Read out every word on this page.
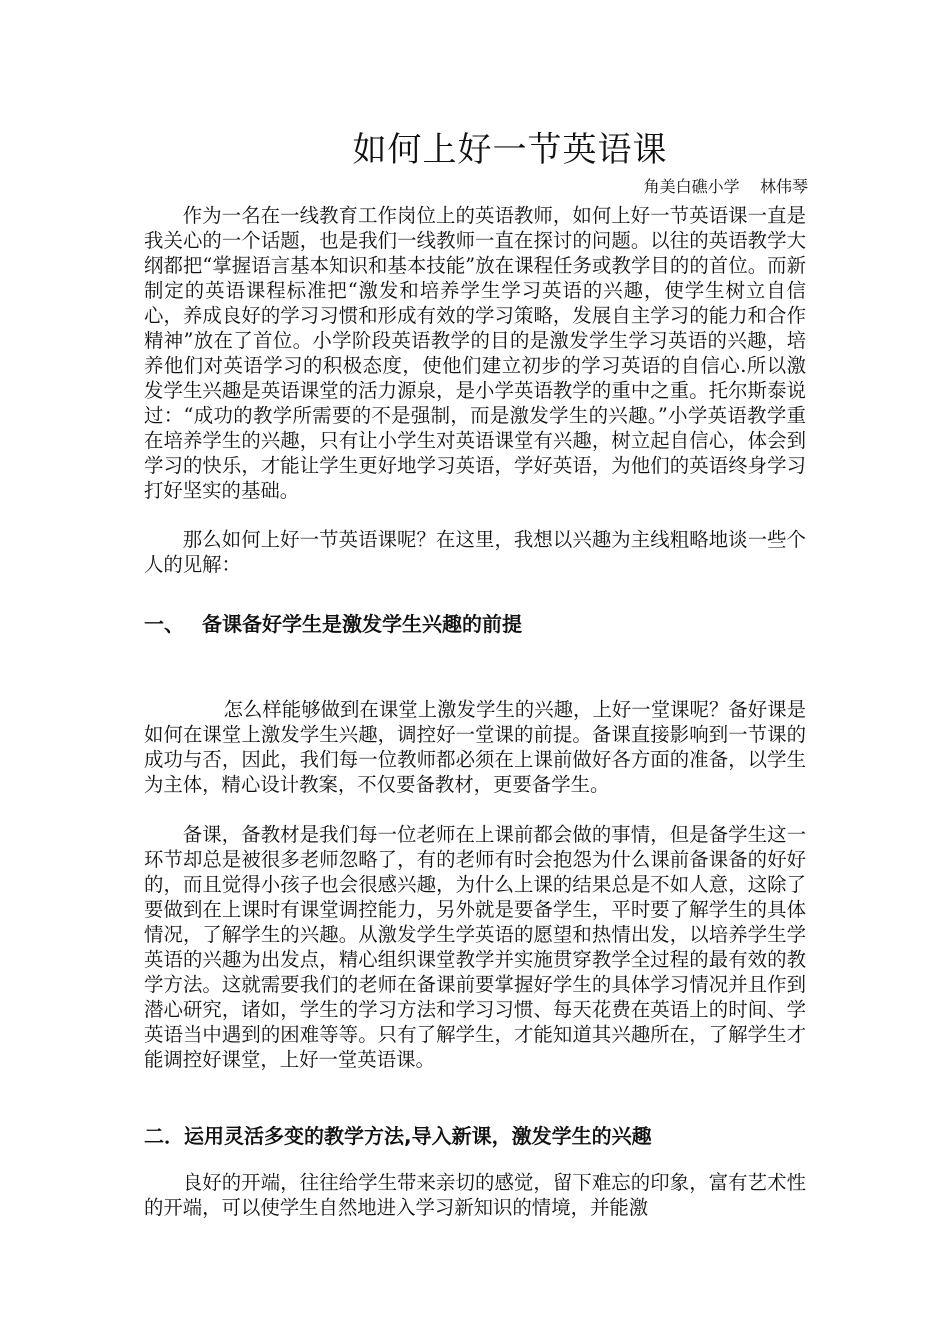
如何上好一节英语课
角美白礁小学    林伟琴

作为一名在一线教育工作岗位上的英语教师，如何上好一节英语课一直是我关心的一个话题，也是我们一线教师一直在探讨的问题。以往的英语教学大纲都把“掌握语言基本知识和基本技能”放在课程任务或教学目的的首位。而新制定的英语课程标准把“激发和培养学生学习英语的兴趣，使学生树立自信心，养成良好的学习习惯和形成有效的学习策略，发展自主学习的能力和合作精神”放在了首位。小学阶段英语教学的目的是激发学生学习英语的兴趣，培养他们对英语学习的积极态度，使他们建立初步的学习英语的自信心.所以激发学生兴趣是英语课堂的活力源泉，是小学英语教学的重中之重。托尔斯泰说过：“成功的教学所需要的不是强制，而是激发学生的兴趣。”小学英语教学重在培养学生的兴趣，只有让小学生对英语课堂有兴趣，树立起自信心，体会到学习的快乐，才能让学生更好地学习英语，学好英语，为他们的英语终身学习打好坚实的基础。

那么如何上好一节英语课呢？在这里，我想以兴趣为主线粗略地谈一些个人的见解：

一、 备课备好学生是激发学生兴趣的前提

怎么样能够做到在课堂上激发学生的兴趣，上好一堂课呢？备好课是如何在课堂上激发学生兴趣，调控好一堂课的前提。备课直接影响到一节课的成功与否，因此，我们每一位教师都必须在上课前做好各方面的准备，以学生为主体，精心设计教案，不仅要备教材，更要备学生。

备课，备教材是我们每一位老师在上课前都会做的事情，但是备学生这一环节却总是被很多老师忽略了，有的老师有时会抱怨为什么课前备课备的好好的，而且觉得小孩子也会很感兴趣，为什么上课的结果总是不如人意，这除了要做到在上课时有课堂调控能力，另外就是要备学生，平时要了解学生的具体情况，了解学生的兴趣。从激发学生学英语的愿望和热情出发，以培养学生学英语的兴趣为出发点，精心组织课堂教学并实施贯穿教学全过程的最有效的教学方法。这就需要我们的老师在备课前要掌握好学生的具体学习情况并且作到潜心研究，诸如，学生的学习方法和学习习惯、每天花费在英语上的时间、学英语当中遇到的困难等等。只有了解学生，才能知道其兴趣所在，了解学生才能调控好课堂，上好一堂英语课。

二．运用灵活多变的教学方法,导入新课，激发学生的兴趣

良好的开端，往往给学生带来亲切的感觉，留下难忘的印象，富有艺术性的开端，可以使学生自然地进入学习新知识的情境，并能激
